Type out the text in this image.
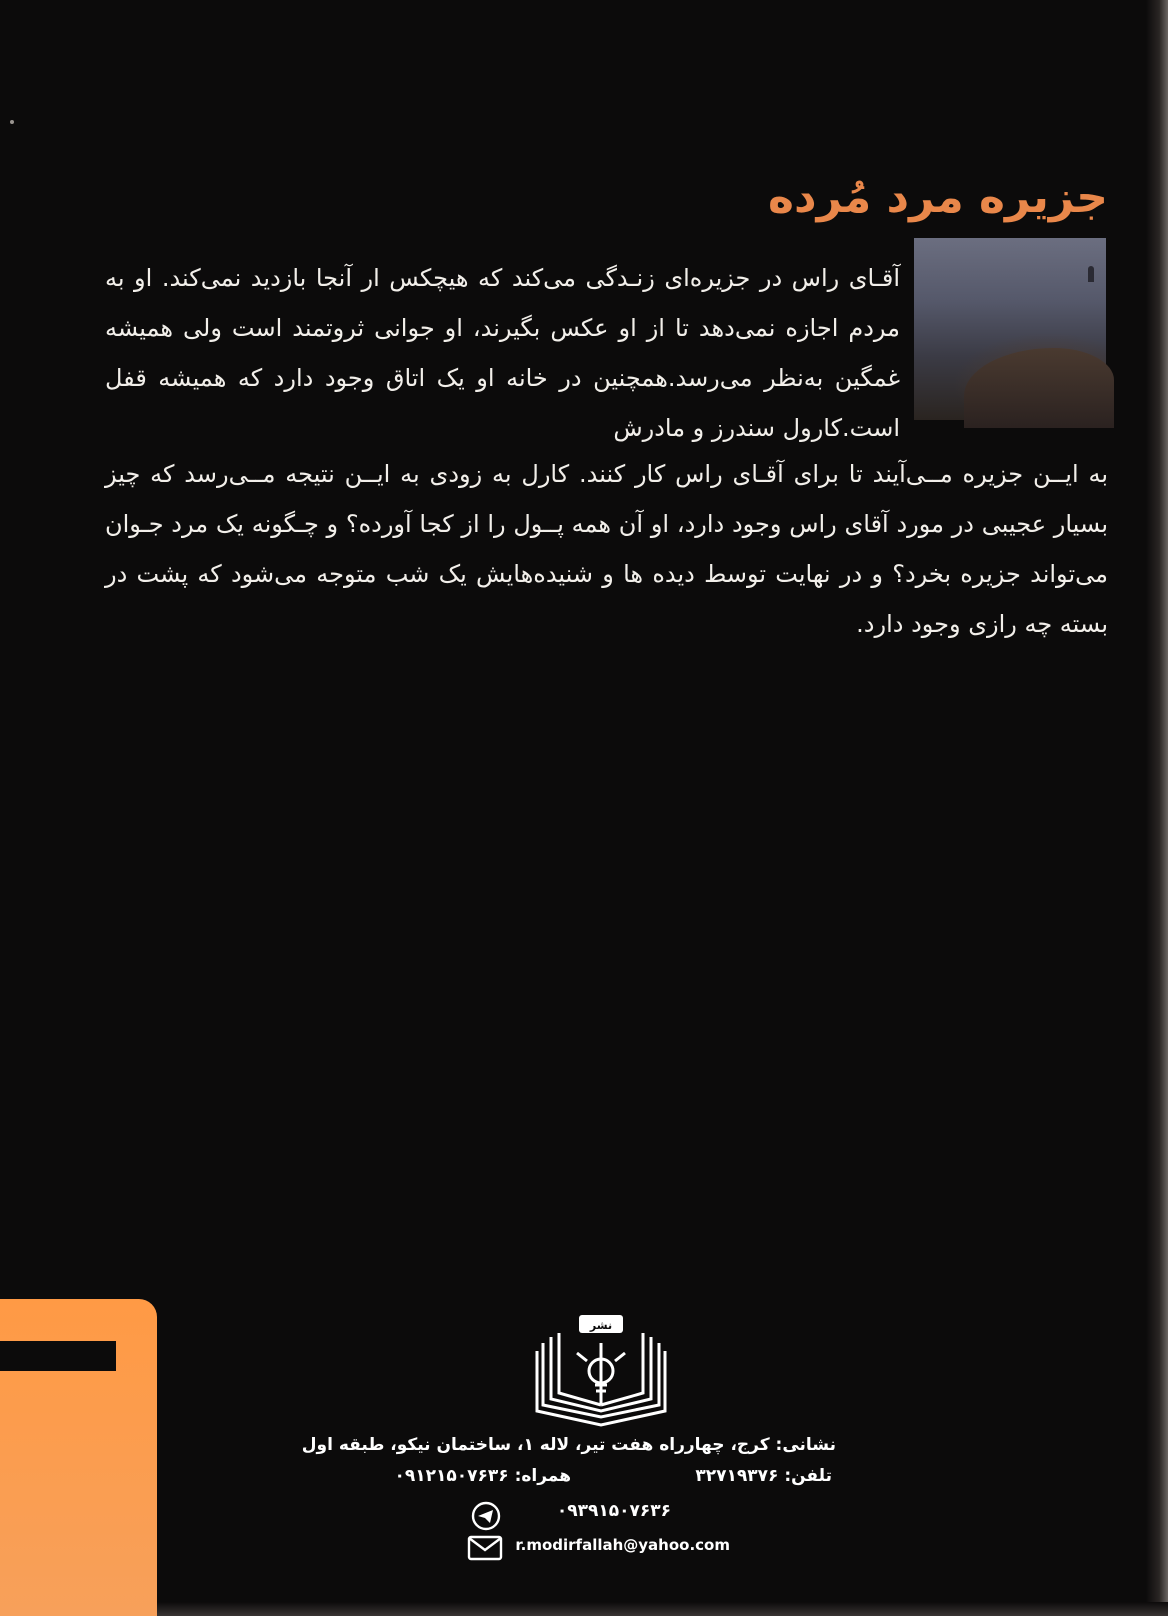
جزیره مرد مُرده

آقـای راس در جزیره‌ای زنـدگی می‌کند که هیچکس ار آنجا بازدید نمی‌کند. او به مردم اجازه نمی‌دهد تا از او عکس بگیرند، او جوانی ثروتمند است ولی همیشه غمگین به‌نظر می‌رسد.همچنین در خانه او یک اتاق وجود دارد که همیشه قفل است.کارول سندرز و مادرش

به ایــن جزیره مــی‌آیند تا برای آقـای راس کار کنند. کارل به زودی به ایــن نتیجه مــی‌رسد که چیز بسیار عجیبی در مورد آقای راس وجود دارد، او آن همه پــول را از کجا آورده؟ و چـگونه یک مرد جـوان می‌تواند جزیره بخرد؟ و در نهایت توسط دیده ها و شنیده‌هایش یک شب متوجه می‌شود که پشت در بسته چه رازی وجود دارد.

نشر

نشانی: کرج، چهارراه هفت تیر، لاله ۱، ساختمان نیکو، طبقه اول

تلفن: ۳۲۷۱۹۳۷۶

همراه: ۰۹۱۲۱۵۰۷۶۳۶

۰۹۳۹۱۵۰۷۶۳۶

r.modirfallah@yahoo.com
